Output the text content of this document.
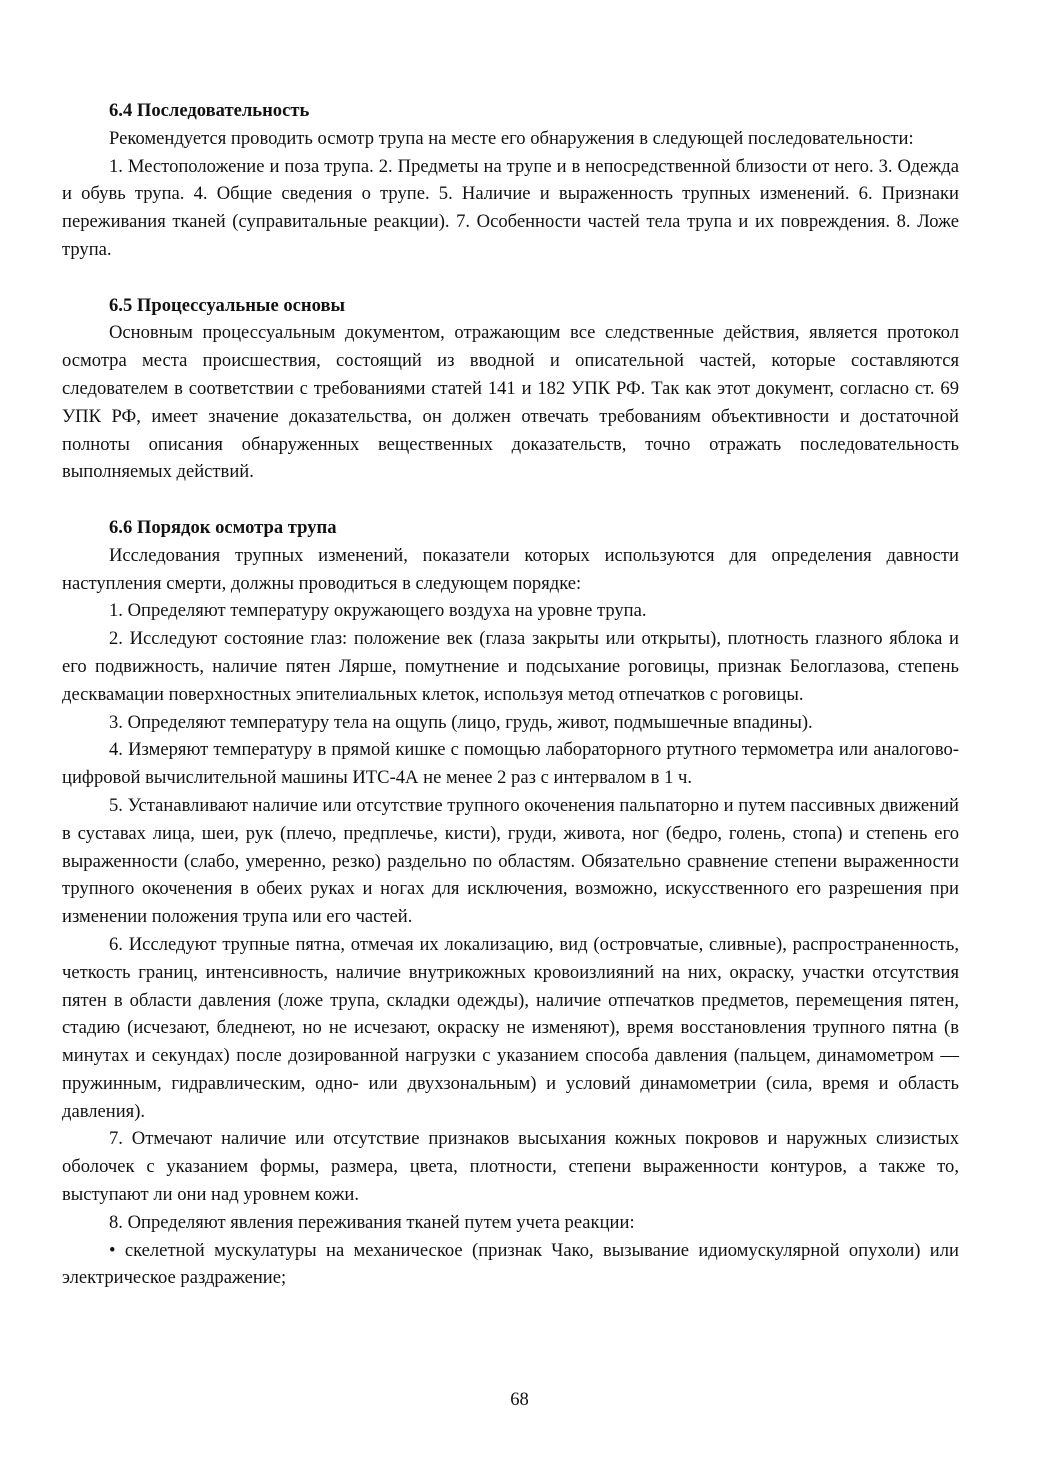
6.4 Последовательность

Рекомендуется проводить осмотр трупа на месте его обнаружения в следующей последовательности:

1. Местоположение и поза трупа. 2. Предметы на трупе и в непосредственной близости от него. 3. Одежда и обувь трупа. 4. Общие сведения о трупе. 5. Наличие и выраженность трупных изменений. 6. Признаки переживания тканей (суправитальные реакции). 7. Особенности частей тела трупа и их повреждения. 8. Ложе трупа.

6.5 Процессуальные основы

Основным процессуальным документом, отражающим все следственные действия, является протокол осмотра места происшествия, состоящий из вводной и описательной частей, которые составляются следователем в соответствии с требованиями статей 141 и 182 УПК РФ. Так как этот документ, согласно ст. 69 УПК РФ, имеет значение доказательства, он должен отвечать требованиям объективности и достаточной полноты описания обнаруженных вещественных доказательств, точно отражать последовательность выполняемых действий.

6.6 Порядок осмотра трупа

Исследования трупных изменений, показатели которых используются для определения давности наступления смерти, должны проводиться в следующем порядке:

1. Определяют температуру окружающего воздуха на уровне трупа.

2. Исследуют состояние глаз: положение век (глаза закрыты или открыты), плотность глазного яблока и его подвижность, наличие пятен Лярше, помутнение и подсыхание роговицы, признак Белоглазова, степень десквамации поверхностных эпителиальных клеток, используя метод отпечатков с роговицы.

3. Определяют температуру тела на ощупь (лицо, грудь, живот, подмышечные впадины).

4. Измеряют температуру в прямой кишке с помощью лабораторного ртутного термометра или аналогово-цифровой вычислительной машины ИТС-4А не менее 2 раз с интервалом в 1 ч.

5. Устанавливают наличие или отсутствие трупного окоченения пальпаторно и путем пассивных движений в суставах лица, шеи, рук (плечо, предплечье, кисти), груди, живота, ног (бедро, голень, стопа) и степень его выраженности (слабо, умеренно, резко) раздельно по областям. Обязательно сравнение степени выраженности трупного окоченения в обеих руках и ногах для исключения, возможно, искусственного его разрешения при изменении положения трупа или его частей.

6. Исследуют трупные пятна, отмечая их локализацию, вид (островчатые, сливные), распространенность, четкость границ, интенсивность, наличие внутрикожных кровоизлияний на них, окраску, участки отсутствия пятен в области давления (ложе трупа, складки одежды), наличие отпечатков предметов, перемещения пятен, стадию (исчезают, бледнеют, но не исчезают, окраску не изменяют), время восстановления трупного пятна (в минутах и секундах) после дозированной нагрузки с указанием способа давления (пальцем, динамометром — пружинным, гидравлическим, одно- или двухзональным) и условий динамометрии (сила, время и область давления).

7. Отмечают наличие или отсутствие признаков высыхания кожных покровов и наружных слизистых оболочек с указанием формы, размера, цвета, плотности, степени выраженности контуров, а также то, выступают ли они над уровнем кожи.

8. Определяют явления переживания тканей путем учета реакции:

• скелетной мускулатуры на механическое (признак Чако, вызывание идиомускулярной опухоли) или электрическое раздражение;

68
